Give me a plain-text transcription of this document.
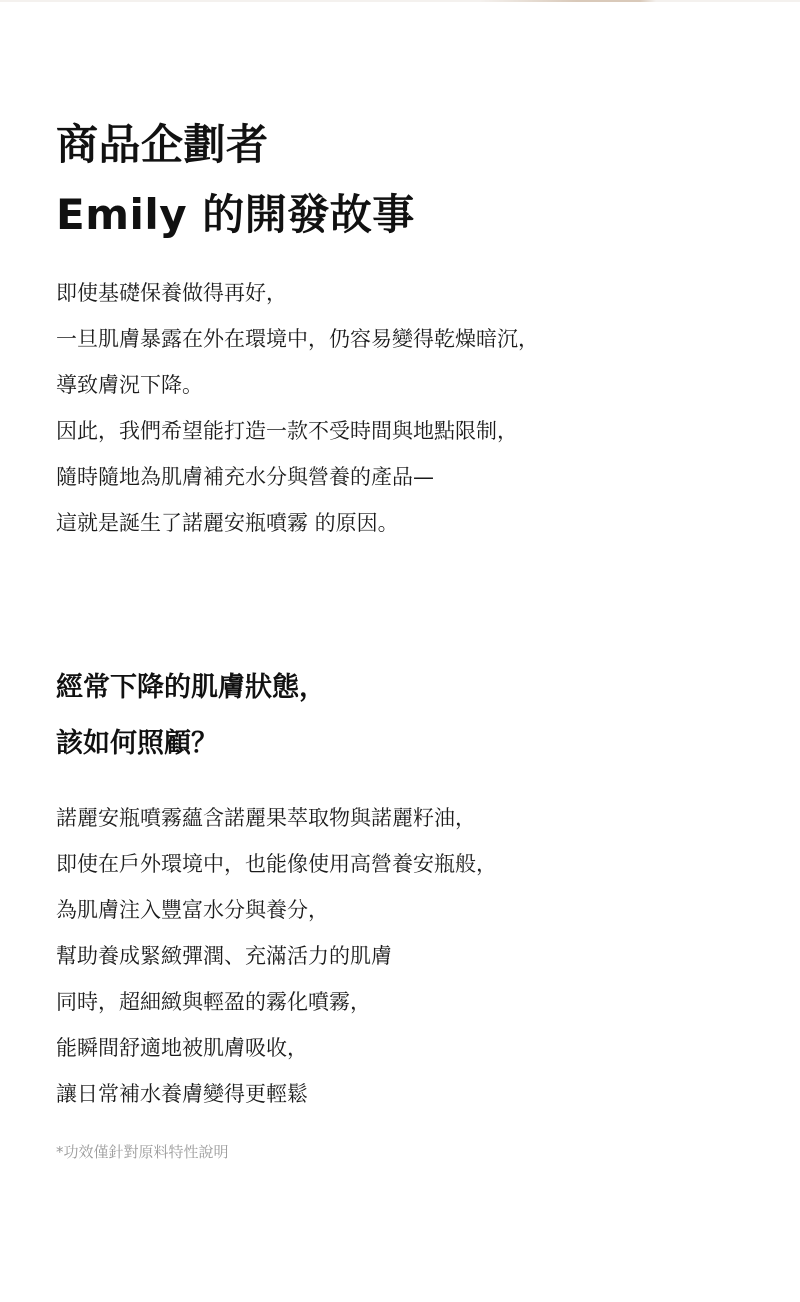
商品企劃者
Emily 的開發故事

即使基礎保養做得再好，
一旦肌膚暴露在外在環境中，仍容易變得乾燥暗沉，
導致膚況下降。
因此，我們希望能打造一款不受時間與地點限制，
隨時隨地為肌膚補充水分與營養的產品—
這就是誕生了諾麗安瓶噴霧 的原因。

經常下降的肌膚狀態，
該如何照顧？

諾麗安瓶噴霧蘊含諾麗果萃取物與諾麗籽油，
即使在戶外環境中，也能像使用高營養安瓶般，
為肌膚注入豐富水分與養分，
幫助養成緊緻彈潤、充滿活力的肌膚
同時，超細緻與輕盈的霧化噴霧，
能瞬間舒適地被肌膚吸收，
讓日常補水養膚變得更輕鬆

*功效僅針對原料特性說明
